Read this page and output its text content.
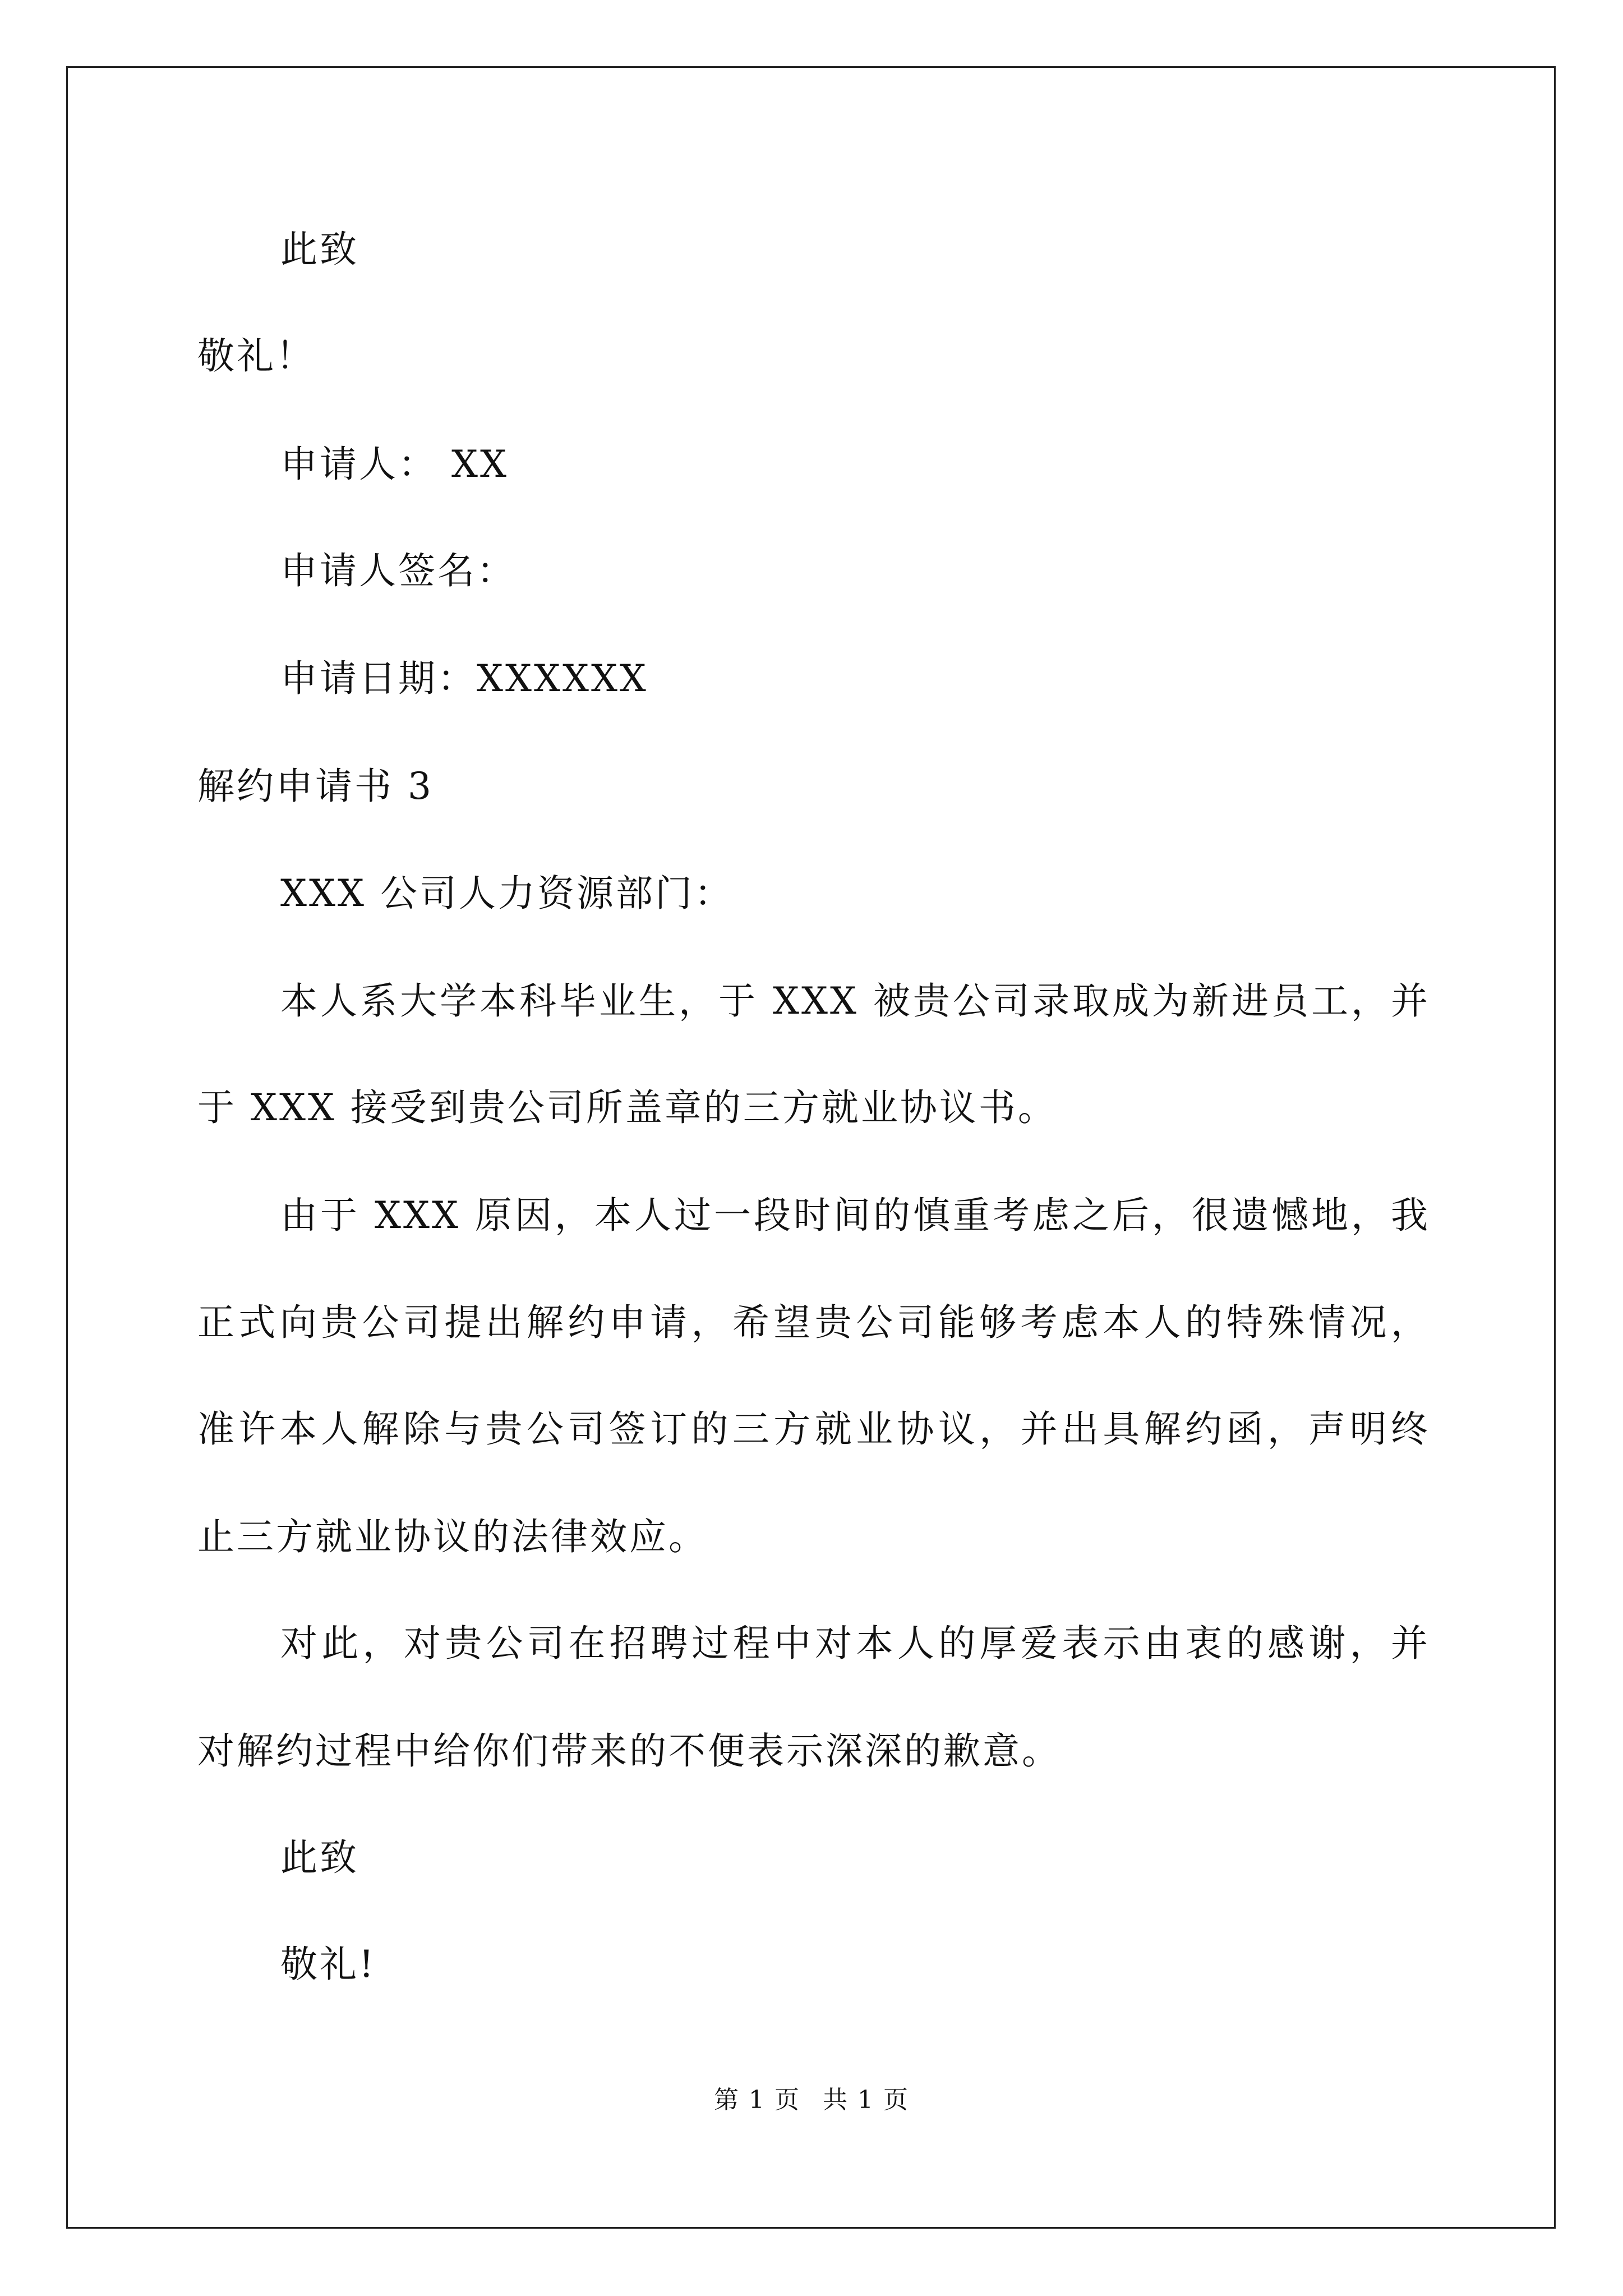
此致
敬礼！
申请人： XX
申请人签名：
申请日期：XXXXXX
解约申请书 3
XXX 公司人力资源部门：
本人系大学本科毕业生，于 XXX 被贵公司录取成为新进员工，并
于 XXX 接受到贵公司所盖章的三方就业协议书。
由于 XXX 原因，本人过一段时间的慎重考虑之后，很遗憾地，我
正式向贵公司提出解约申请，希望贵公司能够考虑本人的特殊情况，
准许本人解除与贵公司签订的三方就业协议，并出具解约函，声明终
止三方就业协议的法律效应。
对此，对贵公司在招聘过程中对本人的厚爱表示由衷的感谢，并
对解约过程中给你们带来的不便表示深深的歉意。
此致
敬礼!
第 1 页 共 1 页
